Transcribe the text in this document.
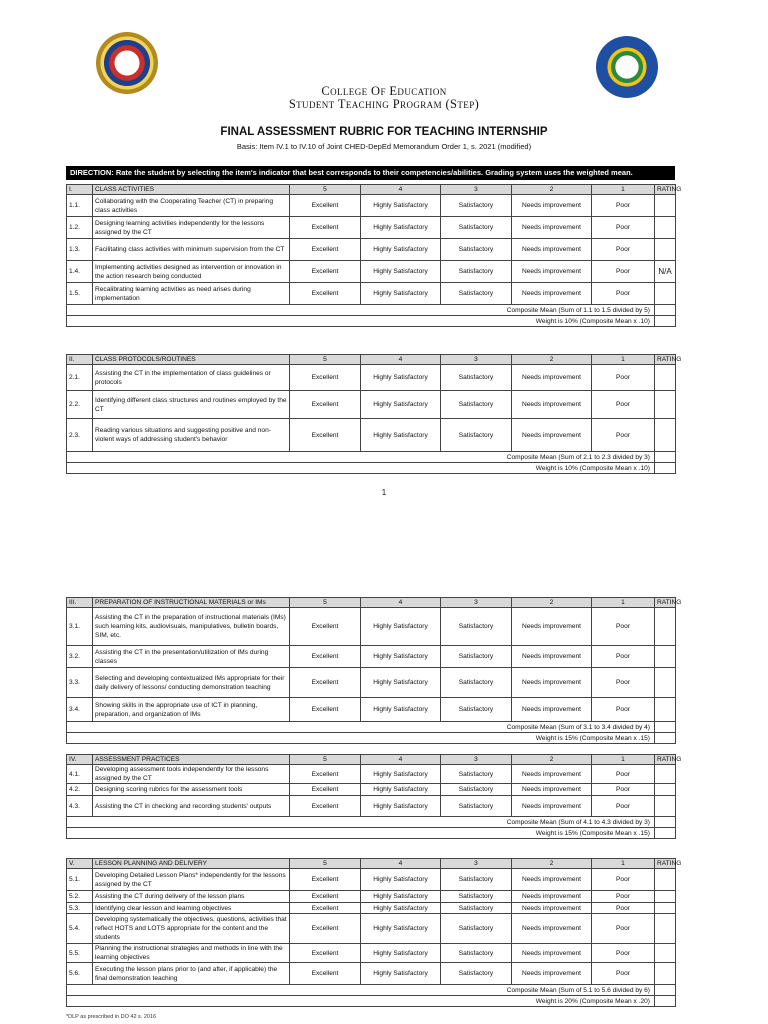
College Of Education
Student Teaching Program (Step)
FINAL ASSESSMENT RUBRIC FOR TEACHING INTERNSHIP
Basis: Item IV.1 to IV.10 of Joint CHED-DepEd Memorandum Order 1, s. 2021 (modified)
DIRECTION: Rate the student by selecting the item's indicator that best corresponds to their competencies/abilities. Grading system uses the weighted mean.
I.	CLASS ACTIVITIES	5	4	3	2	1	RATING
1.1.	Collaborating with the Cooperating Teacher (CT) in preparing class activities	Excellent	Highly Satisfactory	Satisfactory	Needs improvement	Poor	
1.2.	Designing learning activities independently for the lessons assigned by the CT	Excellent	Highly Satisfactory	Satisfactory	Needs improvement	Poor	
1.3.	Facilitating class activities with minimum supervision from the CT	Excellent	Highly Satisfactory	Satisfactory	Needs improvement	Poor	
1.4.	Implementing activities designed as intervention or innovation in the action research being conducted	Excellent	Highly Satisfactory	Satisfactory	Needs improvement	Poor	N/A
1.5.	Recalibrating learning activities as need arises during implementation	Excellent	Highly Satisfactory	Satisfactory	Needs improvement	Poor	
Composite Mean (Sum of 1.1 to 1.5 divided by 5)							
Weight is 10% (Composite Mean x .10)							
II.	CLASS PROTOCOLS/ROUTINES	5	4	3	2	1	RATING
2.1.	Assisting the CT in the implementation of class guidelines or protocols	Excellent	Highly Satisfactory	Satisfactory	Needs improvement	Poor	
2.2.	Identifying different class structures and routines employed by the CT	Excellent	Highly Satisfactory	Satisfactory	Needs improvement	Poor	
2.3.	Reading various situations and suggesting positive and non-violent ways of addressing student's behavior	Excellent	Highly Satisfactory	Satisfactory	Needs improvement	Poor	
Composite Mean (Sum of 2.1 to 2.3 divided by 3)							
Weight is 10% (Composite Mean x .10)							
III.	PREPARATION OF INSTRUCTIONAL MATERIALS or IMs	5	4	3	2	1	RATING
3.1.	Assisting the CT in the preparation of instructional materials (IMs) such learning kits, audiovisuals, manipulatives, bulletin boards, SIM, etc.	Excellent	Highly Satisfactory	Satisfactory	Needs improvement	Poor	
3.2.	Assisting the CT in the presentation/utilization of IMs during classes	Excellent	Highly Satisfactory	Satisfactory	Needs improvement	Poor	
3.3.	Selecting and developing contextualized IMs appropriate for their daily delivery of lessons/ conducting demonstration teaching	Excellent	Highly Satisfactory	Satisfactory	Needs improvement	Poor	
3.4.	Showing skills in the appropriate use of ICT in planning, preparation, and organization of IMs	Excellent	Highly Satisfactory	Satisfactory	Needs improvement	Poor	
Composite Mean (Sum of 3.1 to 3.4 divided by 4)							
Weight is 15% (Composite Mean x .15)							
IV.	ASSESSMENT PRACTICES	5	4	3	2	1	RATING
4.1.	Developing assessment tools independently for the lessons assigned by the CT	Excellent	Highly Satisfactory	Satisfactory	Needs improvement	Poor	
4.2.	Designing scoring rubrics for the assessment tools	Excellent	Highly Satisfactory	Satisfactory	Needs improvement	Poor	
4.3.	Assisting the CT in checking and recording students' outputs	Excellent	Highly Satisfactory	Satisfactory	Needs improvement	Poor	
Composite Mean (Sum of 4.1 to 4.3 divided by 3)							
Weight is 15% (Composite Mean x .15)							
V.	LESSON PLANNING AND DELIVERY	5	4	3	2	1	RATING
5.1.	Developing Detailed Lesson Plans* independently for the lessons assigned by the CT	Excellent	Highly Satisfactory	Satisfactory	Needs improvement	Poor	
5.2.	Assisting the CT during delivery of the lesson plans	Excellent	Highly Satisfactory	Satisfactory	Needs improvement	Poor	
5.3.	Identifying clear lesson and learning objectives	Excellent	Highly Satisfactory	Satisfactory	Needs improvement	Poor	
5.4.	Developing systematically the objectives, questions, activities that reflect HOTS and LOTS appropriate for the content and the students	Excellent	Highly Satisfactory	Satisfactory	Needs improvement	Poor	
5.5.	Planning the instructional strategies and methods in line with the learning objectives	Excellent	Highly Satisfactory	Satisfactory	Needs improvement	Poor	
5.6.	Executing the lesson plans prior to (and after, if applicable) the final demonstration teaching	Excellent	Highly Satisfactory	Satisfactory	Needs improvement	Poor	
Composite Mean (Sum of 5.1 to 5.6 divided by 6)							
Weight is 20% (Composite Mean x .20)							
1
*DLP as prescribed in DO 42 s. 2016
